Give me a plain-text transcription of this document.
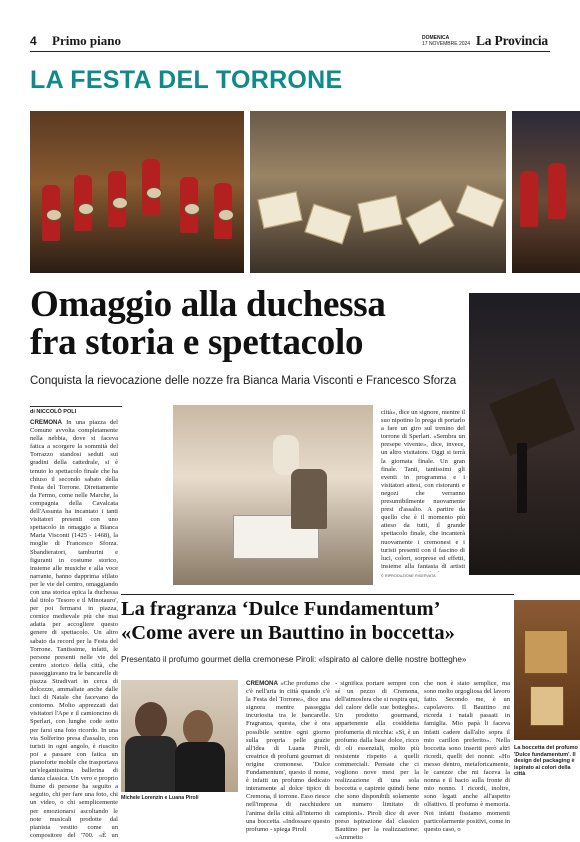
4 Primo piano	DOMENICA
17 NOVEMBRE 2024 La Provincia
LA FESTA DEL TORRONE
Omaggio alla duchessa
fra storia e spettacolo
Conquista la rievocazione delle nozze fra Bianca Maria Visconti e Francesco Sforza
di NICCOLÒ POLI
CREMONA In una piazza del Comune avvolta completamente nella nebbia, dove si faceva fatica a scorgere la sommità del Torrazzo standosi seduti sui gradini della cattedrale, si è tenuto lo spettacolo finale che ha chiuso il secondo sabato della Festa del Torrone. Direttamente da Fermo, come nelle Marche, la compagnia della Cavalcata dell'Assunta ha incantato i tanti visitatori presenti con uno spettacolo in omaggio a Bianca Maria Visconti (1425 - 1468), la moglie di Francesco Sforza. Sbandieratori, tamburini e figuranti in costume storico, insieme alle musiche e alla voce narrante, hanno dapprima sfilato per le vie del centro, omaggiando con una storica epica la duchessa dal titolo 'Tesoro e il Minotauro', per poi fermarsi in piazza, cornice medievale più che mai adatta per accogliere questo genere di spettacolo. Un altro sabato da record per la Festa del Torrone. Tantissime, infatti, le persone presenti nelle vie del centro storico della città, che passeggiavano tra le bancarelle di piazza Stradivari in cerca di dolcezze, ammaliate anche dalle luci di Natale che facevano da contorno. Molto apprezzati dai visitatori l'Ape e il camioncino di Sperlari, con lunghe code sotto per farsi una foto ricordo. In una via Solferino presa d'assalto, con turisti in ogni angolo, è riuscito poi a passare con fatica un pianoforte mobile che trasportava un'elegantissima ballerina di danza classica. Un vero e proprio fiume di persone ha seguito a seguito, chi per fare una foto, chi un video, o chi semplicemente per emozionarsi ascoltando le note musicali prodotte dal pianista vestito come un compositore del '700. «È un
città», dice un signore, mentre il suo nipotino lo prega di portarlo a fare un giro sul trenino del torrone di Sperlari. «Sembra un presepe vivente», dice, invece, un altro visitatore. Oggi si terrà la giornata finale. Un gran finale. Tanti, tantissimi gli eventi in programma e i visitatori attesi, con ristoranti e negozi che verranno presumibilmente nuovamente presi d'assalto. A partire da quello che è il momento più atteso da tutti, il grande spettacolo finale, che incanterà nuovamente i cremonesi e i turisti presenti con il fascino di luci, colori, sorprese ed effetti, insieme alla fantasia di artisti
© RIPRODUZIONE RISERVATA
La fragranza ‘Dulce Fundamentum’
«Come avere un Bauttino in boccetta»
Presentato il profumo gourmet della cremonese Piroli: «Ispirato al calore delle nostre botteghe»
Michele Lorenzin e Luana Piroli
CREMONA «Che profumo che c'è nell'aria in città quando c'è la Festa del Torrone», dice una signora mentre passeggia incuriosita tra le bancarelle. Fragranza, questa, che è ora possibile sentire ogni giorno sulla propria pelle grazie all'idea di Luana Piroli, creatrice di profumi gourmet di origine cremonese. 'Dulce Fundamentum', questo il nome, è infatti un profumo dedicato interamente al dolce tipico di Cremona, il torrone. Esso riesce nell'impresa di racchiudere l'anima della città all'interno di una boccetta. «Indossare questo profumo - spiega Piroli
- significa portare sempre con sé un pezzo di Cremona, dell'atmosfera che si respira qui, del calore delle sue botteghe». Un prodotto gourmand, appartenente alla cosiddetta profumeria di nicchia: «Sì, è un profumo dalla base dolce, ricco di oli essenziali, molto più resistente rispetto a quelli commerciali. Pensate che ci vogliono nove mesi per la realizzazione di una sola boccetta e capirete quindi bene che sono disponibili solamente un numero limitato di campioni». Piroli dice di aver preso ispirazione dal classico Bauttino per la realizzazione: «Ammetto
che non è stato semplice, ma sono molto orgogliosa del lavoro fatto. Secondo me, è un capolavoro. Il Bauttino mi ricorda i natali passati in famiglia. Mio papà li faceva infatti cadere dall'alto sopra il mio carillon preferito». Nella boccetta sono inseriti però altri ricordi, quelli dei nonni: «Ho messo dentro, metaforicamente, le carezze che mi faceva la nonna e il bacio sulla fronte di mio nonno. I ricordi, inoltre, sono legati anche all'aspetto olfattivo. Il profumo è memoria. Noi infatti fissiamo momenti particolarmente positivi, come in questo caso, o
La boccetta del profumo 'Dulce fundamentum'. Il design del packaging è ispirato ai colori della città
